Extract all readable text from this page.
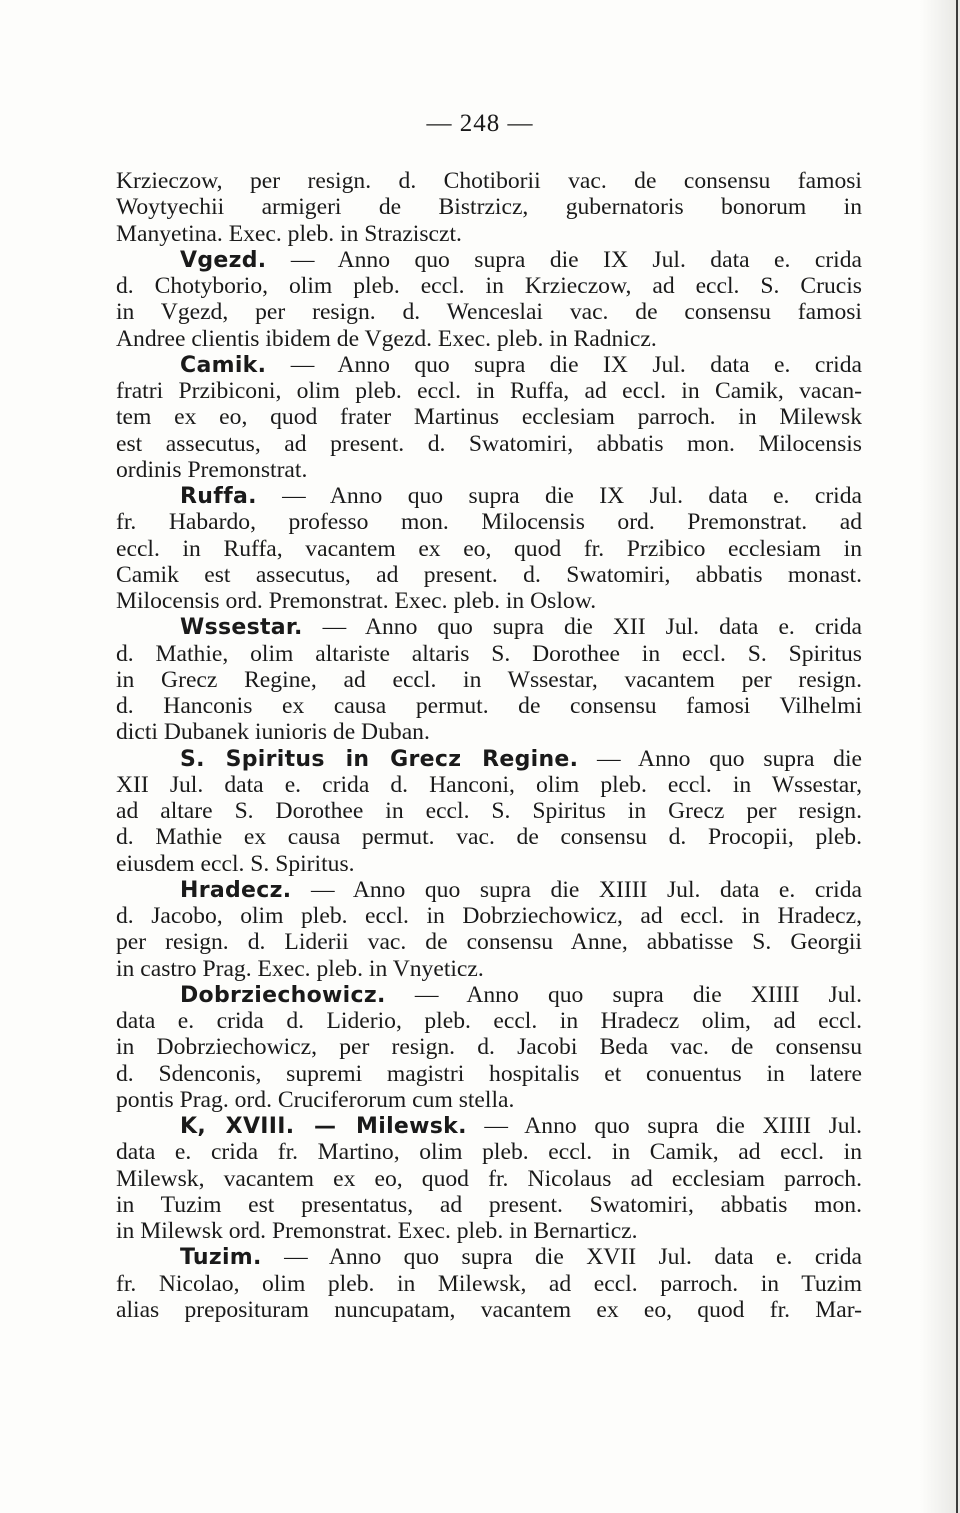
— 248 —
Krzieczow, per resign. d. Chotiborii vac. de consensu famosi
Woytyechii armigeri de Bistrzicz, gubernatoris bonorum in
Manyetina. Exec. pleb. in Strazisczt.
Vgezd. — Anno quo supra die IX Jul. data e. crida
d. Chotyborio, olim pleb. eccl. in Krzieczow, ad eccl. S. Crucis
in Vgezd, per resign. d. Wenceslai vac. de consensu famosi
Andree clientis ibidem de Vgezd. Exec. pleb. in Radnicz.
Camik. — Anno quo supra die IX Jul. data e. crida
fratri Przibiconi, olim pleb. eccl. in Ruffa, ad eccl. in Camik, vacan-
tem ex eo, quod frater Martinus ecclesiam parroch. in Milewsk
est assecutus, ad present. d. Swatomiri, abbatis mon. Milocensis
ordinis Premonstrat.
Ruffa. — Anno quo supra die IX Jul. data e. crida
fr. Habardo, professo mon. Milocensis ord. Premonstrat. ad
eccl. in Ruffa, vacantem ex eo, quod fr. Przibico ecclesiam in
Camik est assecutus, ad present. d. Swatomiri, abbatis monast.
Milocensis ord. Premonstrat. Exec. pleb. in Oslow.
Wssestar. — Anno quo supra die XII Jul. data e. crida
d. Mathie, olim altariste altaris S. Dorothee in eccl. S. Spiritus
in Grecz Regine, ad eccl. in Wssestar, vacantem per resign.
d. Hanconis ex causa permut. de consensu famosi Vilhelmi
dicti Dubanek iunioris de Duban.
S. Spiritus in Grecz Regine. — Anno quo supra die
XII Jul. data e. crida d. Hanconi, olim pleb. eccl. in Wssestar,
ad altare S. Dorothee in eccl. S. Spiritus in Grecz per resign.
d. Mathie ex causa permut. vac. de consensu d. Procopii, pleb.
eiusdem eccl. S. Spiritus.
Hradecz. — Anno quo supra die XIIII Jul. data e. crida
d. Jacobo, olim pleb. eccl. in Dobrziechowicz, ad eccl. in Hradecz,
per resign. d. Liderii vac. de consensu Anne, abbatisse S. Georgii
in castro Prag. Exec. pleb. in Vnyeticz.
Dobrziechowicz. — Anno quo supra die XIIII Jul.
data e. crida d. Liderio, pleb. eccl. in Hradecz olim, ad eccl.
in Dobrziechowicz, per resign. d. Jacobi Beda vac. de consensu
d. Sdenconis, supremi magistri hospitalis et conuentus in latere
pontis Prag. ord. Cruciferorum cum stella.
K, XVIII. — Milewsk. — Anno quo supra die XIIII Jul.
data e. crida fr. Martino, olim pleb. eccl. in Camik, ad eccl. in
Milewsk, vacantem ex eo, quod fr. Nicolaus ad ecclesiam parroch.
in Tuzim est presentatus, ad present. Swatomiri, abbatis mon.
in Milewsk ord. Premonstrat. Exec. pleb. in Bernarticz.
Tuzim. — Anno quo supra die XVII Jul. data e. crida
fr. Nicolao, olim pleb. in Milewsk, ad eccl. parroch. in Tuzim
alias preposituram nuncupatam, vacantem ex eo, quod fr. Mar-
